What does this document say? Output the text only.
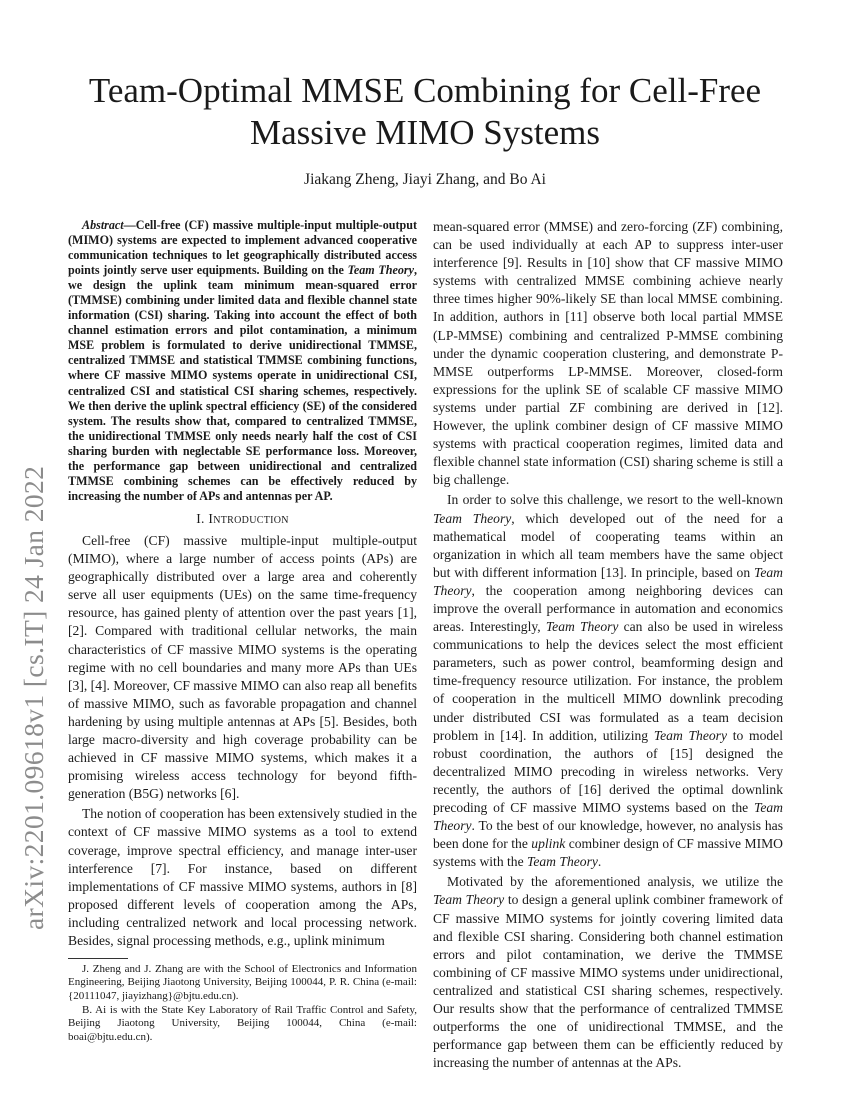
arXiv:2201.09618v1 [cs.IT] 24 Jan 2022
Team-Optimal MMSE Combining for Cell-Free Massive MIMO Systems
Jiakang Zheng, Jiayi Zhang, and Bo Ai

Abstract—Cell-free (CF) massive multiple-input multiple-output (MIMO) systems are expected to implement advanced cooperative communication techniques to let geographically distributed access points jointly serve user equipments. Building on the Team Theory, we design the uplink team minimum mean-squared error (TMMSE) combining under limited data and flexible channel state information (CSI) sharing. Taking into account the effect of both channel estimation errors and pilot contamination, a minimum MSE problem is formulated to derive unidirectional TMMSE, centralized TMMSE and statistical TMMSE combining functions, where CF massive MIMO systems operate in unidirectional CSI, centralized CSI and statistical CSI sharing schemes, respectively. We then derive the uplink spectral efficiency (SE) of the considered system. The results show that, compared to centralized TMMSE, the unidirectional TMMSE only needs nearly half the cost of CSI sharing burden with neglectable SE performance loss. Moreover, the performance gap between unidirectional and centralized TMMSE combining schemes can be effectively reduced by increasing the number of APs and antennas per AP.

I. Introduction

Cell-free (CF) massive multiple-input multiple-output (MIMO), where a large number of access points (APs) are geographically distributed over a large area and coherently serve all user equipments (UEs) on the same time-frequency resource, has gained plenty of attention over the past years [1], [2]. Compared with traditional cellular networks, the main characteristics of CF massive MIMO systems is the operating regime with no cell boundaries and many more APs than UEs [3], [4]. Moreover, CF massive MIMO can also reap all benefits of massive MIMO, such as favorable propagation and channel hardening by using multiple antennas at APs [5]. Besides, both large macro-diversity and high coverage probability can be achieved in CF massive MIMO systems, which makes it a promising wireless access technology for beyond fifth-generation (B5G) networks [6].

The notion of cooperation has been extensively studied in the context of CF massive MIMO systems as a tool to extend coverage, improve spectral efficiency, and manage inter-user interference [7]. For instance, based on different implementations of CF massive MIMO systems, authors in [8] proposed different levels of cooperation among the APs, including centralized network and local processing network. Besides, signal processing methods, e.g., uplink minimum

J. Zheng and J. Zhang are with the School of Electronics and Information Engineering, Beijing Jiaotong University, Beijing 100044, P. R. China (e-mail: {20111047, jiayizhang}@bjtu.edu.cn).

B. Ai is with the State Key Laboratory of Rail Traffic Control and Safety, Beijing Jiaotong University, Beijing 100044, China (e-mail: boai@bjtu.edu.cn).

mean-squared error (MMSE) and zero-forcing (ZF) combining, can be used individually at each AP to suppress inter-user interference [9]. Results in [10] show that CF massive MIMO systems with centralized MMSE combining achieve nearly three times higher 90%-likely SE than local MMSE combining. In addition, authors in [11] observe both local partial MMSE (LP-MMSE) combining and centralized P-MMSE combining under the dynamic cooperation clustering, and demonstrate P-MMSE outperforms LP-MMSE. Moreover, closed-form expressions for the uplink SE of scalable CF massive MIMO systems under partial ZF combining are derived in [12]. However, the uplink combiner design of CF massive MIMO systems with practical cooperation regimes, limited data and flexible channel state information (CSI) sharing scheme is still a big challenge.

In order to solve this challenge, we resort to the well-known Team Theory, which developed out of the need for a mathematical model of cooperating teams within an organization in which all team members have the same object but with different information [13]. In principle, based on Team Theory, the cooperation among neighboring devices can improve the overall performance in automation and economics areas. Interestingly, Team Theory can also be used in wireless communications to help the devices select the most efficient parameters, such as power control, beamforming design and time-frequency resource utilization. For instance, the problem of cooperation in the multicell MIMO downlink precoding under distributed CSI was formulated as a team decision problem in [14]. In addition, utilizing Team Theory to model robust coordination, the authors of [15] designed the decentralized MIMO precoding in wireless networks. Very recently, the authors of [16] derived the optimal downlink precoding of CF massive MIMO systems based on the Team Theory. To the best of our knowledge, however, no analysis has been done for the uplink combiner design of CF massive MIMO systems with the Team Theory.

Motivated by the aforementioned analysis, we utilize the Team Theory to design a general uplink combiner framework of CF massive MIMO systems for jointly covering limited data and flexible CSI sharing. Considering both channel estimation errors and pilot contamination, we derive the TMMSE combining of CF massive MIMO systems under unidirectional, centralized and statistical CSI sharing schemes, respectively. Our results show that the performance of centralized TMMSE outperforms the one of unidirectional TMMSE, and the performance gap between them can be efficiently reduced by increasing the number of antennas at the APs.
